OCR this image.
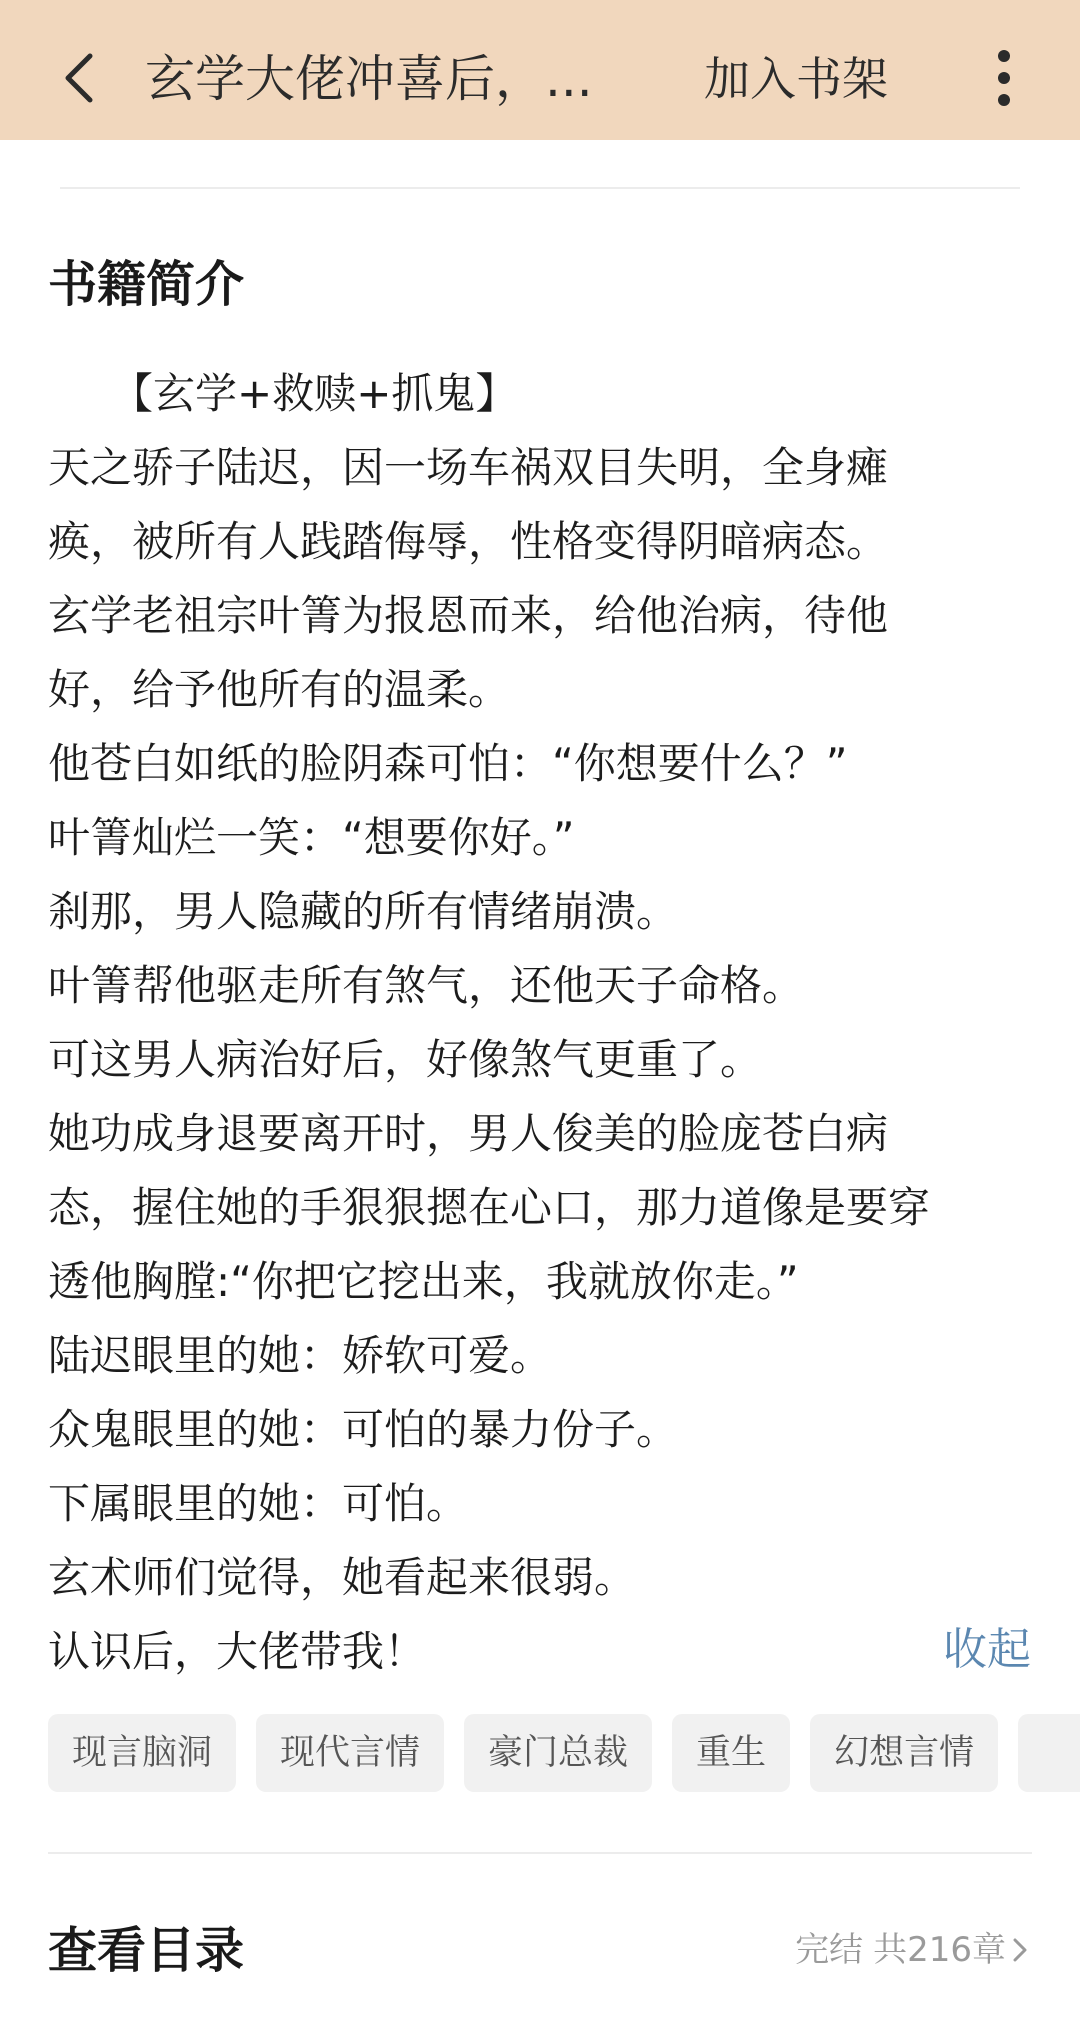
玄学大佬冲喜后，...	加入书架
书籍简介
　　【玄学+救赎+抓鬼】
天之骄子陆迟，因一场车祸双目失明，全身瘫
痪，被所有人践踏侮辱，性格变得阴暗病态。
玄学老祖宗叶箐为报恩而来，给他治病，待他
好，给予他所有的温柔。
他苍白如纸的脸阴森可怕：“你想要什么？”
叶箐灿烂一笑：“想要你好。”
刹那，男人隐藏的所有情绪崩溃。
叶箐帮他驱走所有煞气，还他天子命格。
可这男人病治好后，好像煞气更重了。
她功成身退要离开时，男人俊美的脸庞苍白病
态，握住她的手狠狠摁在心口，那力道像是要穿
透他胸膛:“你把它挖出来，我就放你走。”
陆迟眼里的她：娇软可爱。
众鬼眼里的她：可怕的暴力份子。
下属眼里的她：可怕。
玄术师们觉得，她看起来很弱。
认识后，大佬带我！	收起
现言脑洞 现代言情 豪门总裁 重生 幻想言情
查看目录	完结 共216章
